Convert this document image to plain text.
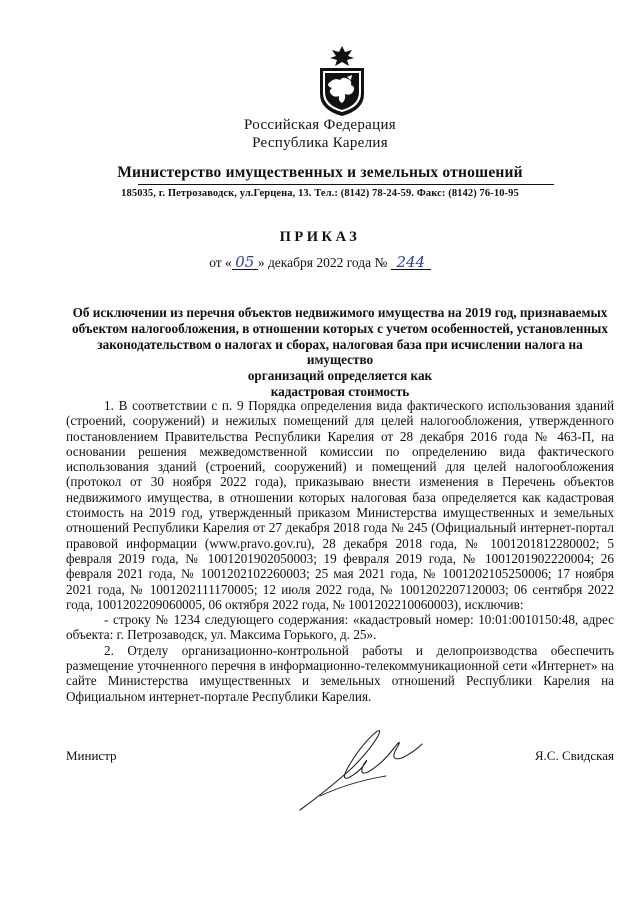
Российская Федерация
Республика Карелия
Министерство имущественных и земельных отношений
185035, г. Петрозаводск, ул.Герцена, 13. Тел.: (8142) 78-24-59. Факс: (8142) 76-10-95
ПРИКАЗ
от « 05 » декабря 2022 года № 244
Об исключении из перечня объектов недвижимого имущества на 2019 год, признаваемых
объектом налогообложения, в отношении которых с учетом особенностей, установленных
законодательством о налогах и сборах, налоговая база при исчислении налога на имущество
организаций определяется как
кадастровая стоимость

1. В соответствии с п. 9 Порядка определения вида фактического использования зданий (строений, сооружений) и нежилых помещений для целей налогообложения, утвержденного постановлением Правительства Республики Карелия от 28 декабря 2016 года № 463-П, на основании решения межведомственной комиссии по определению вида фактического использования зданий (строений, сооружений) и помещений для целей налогообложения (протокол от 30 ноября 2022 года), приказываю внести изменения в Перечень объектов недвижимого имущества, в отношении которых налоговая база определяется как кадастровая стоимость на 2019 год, утвержденный приказом Министерства имущественных и земельных отношений Республики Карелия от 27 декабря 2018 года № 245 (Официальный интернет-портал правовой информации (www.pravo.gov.ru), 28 декабря 2018 года, № 1001201812280002; 5 февраля 2019 года, № 1001201902050003; 19 февраля 2019 года, № 1001201902220004; 26 февраля 2021 года, № 1001202102260003; 25 мая 2021 года, № 1001202105250006; 17 ноября 2021 года, № 1001202111170005; 12 июля 2022 года, № 1001202207120003; 06 сентября 2022 года, 1001202209060005, 06 октября 2022 года, № 1001202210060003), исключив:

- строку № 1234 следующего содержания: «кадастровый номер: 10:01:0010150:48, адрес объекта: г. Петрозаводск, ул. Максима Горького, д. 25».

2. Отделу организационно-контрольной работы и делопроизводства обеспечить размещение уточненного перечня в информационно-телекоммуникационной сети «Интернет» на сайте Министерства имущественных и земельных отношений Республики Карелия на Официальном интернет-портале Республики Карелия.

Министр	Я.С. Свидская
